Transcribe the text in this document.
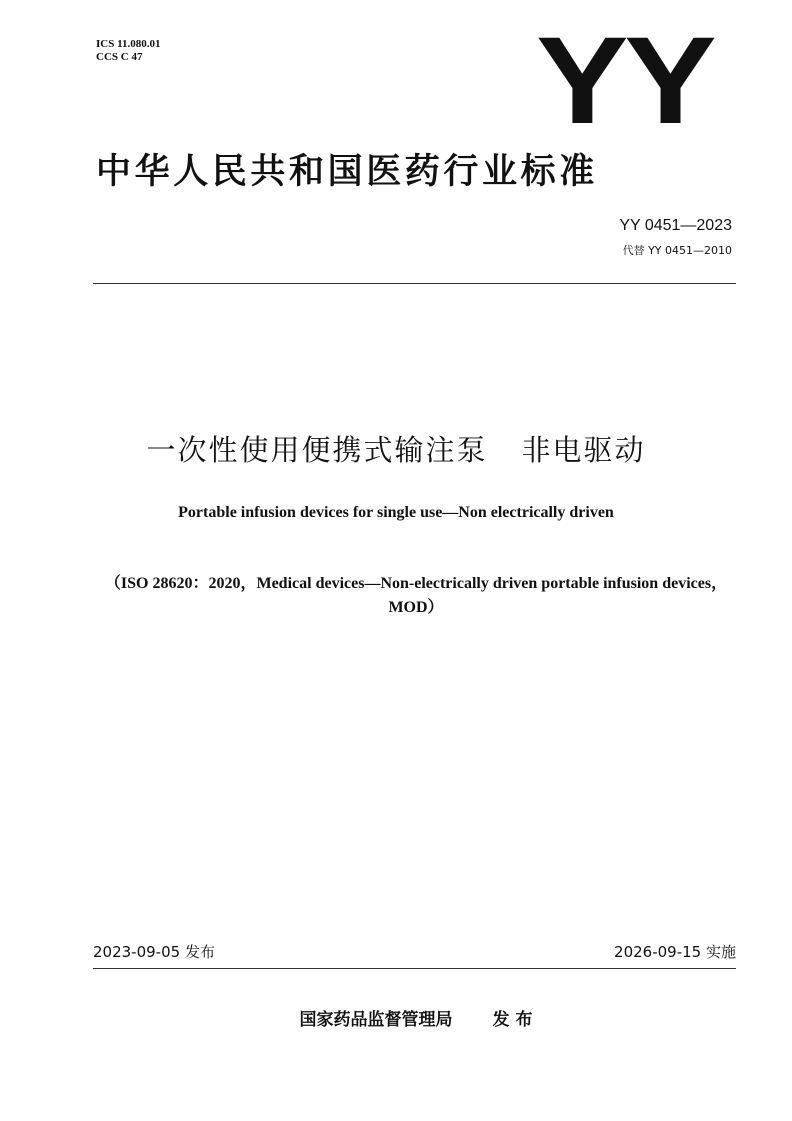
ICS 11.080.01
CCS C 47	YY
中华人民共和国医药行业标准
YY 0451—2023
代替 YY 0451—2010
一次性使用便携式输注泵 非电驱动
Portable infusion devices for single use—Non electrically driven
（ISO 28620：2020，Medical devices—Non-electrically driven portable infusion devices，MOD）
2023-09-05 发布	2026-09-15 实施
国家药品监督管理局 发 布
